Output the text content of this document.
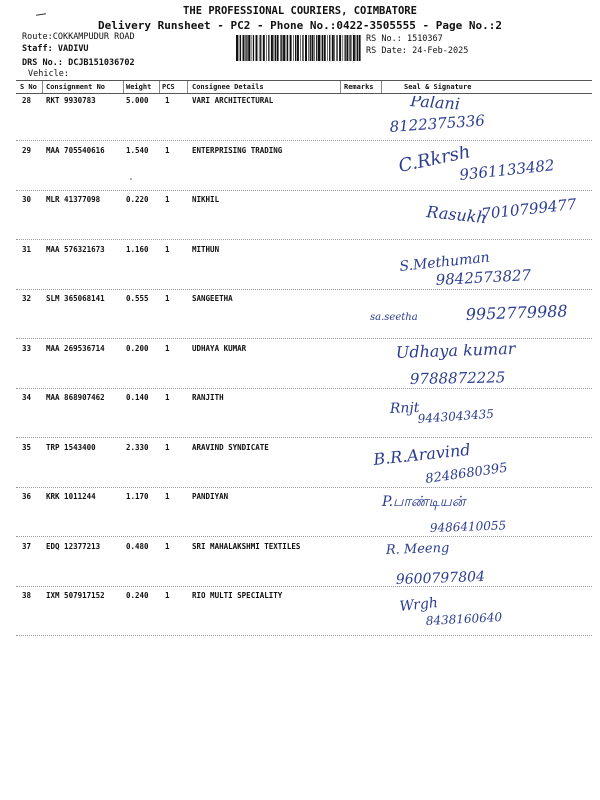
THE PROFESSIONAL COURIERS, COIMBATORE
Delivery Runsheet - PC2 - Phone No.:0422-3505555 - Page No.:2
Route:COKKAMPUDUR ROAD
Staff: VADIVU
DRS No.: DCJB151036702
Vehicle:
RS No.: 1510367
RS Date: 24-Feb-2025
S No Consignment No	Weight PCS Consignee Details	Remarks	Seal & Signature
28 RKT 9930783	5.000 1	VARI ARCHITECTURAL	Palani
8122375336
29 MAA 705540616	1.540 1	ENTERPRISING TRADING	C.Rkrsh
9361133482
30 MLR 41377098	0.220 1	NIKHIL
Rasukh
7010799477
31 MAA 576321673	1.160 1	MITHUN
S.Methuman
9842573827
32 SLM 365068141	0.555 1	SANGEETHA
sa.seetha	9952779988
33 MAA 269536714	0.200 1	UDHAYA KUMAR	Udhaya kumar
9788872225
34 MAA 868907462	0.140 1	RANJITH
Rnjt
9443043435
35 TRP 1543400	2.330 1	ARAVIND SYNDICATE	B.R.Aravind
8248680395
36 KRK 1011244	1.170 1	PANDIYAN	P.பாண்டியன்
9486410055
37 EDQ 12377213	0.480 1	SRI MAHALAKSHMI TEXTILES	R. Meeng
9600797804
38 IXM 507917152	0.240 1	RIO MULTI SPECIALITY	Wrgh
8438160640
